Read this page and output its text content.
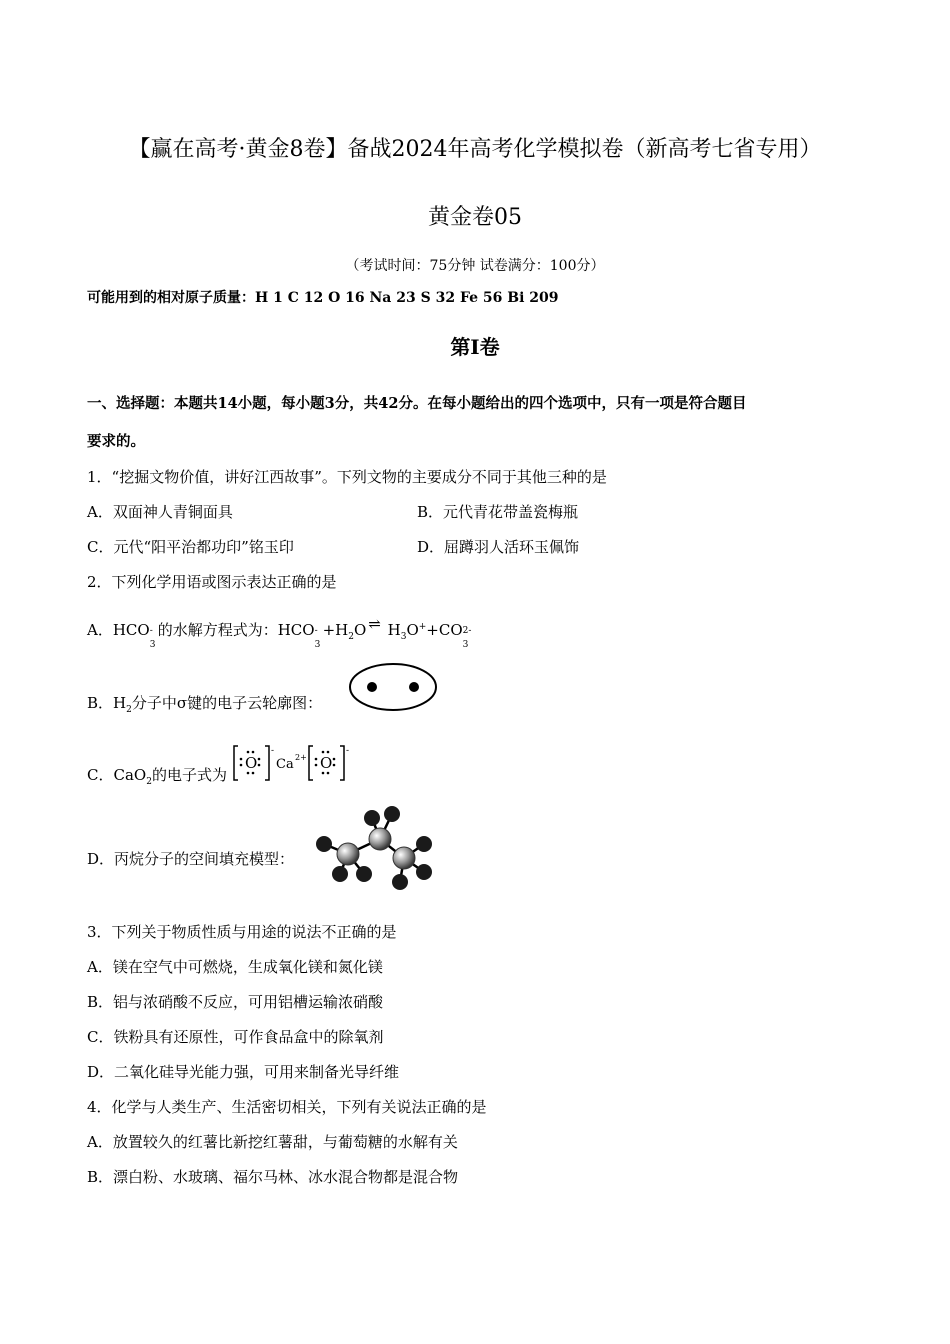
【赢在高考·黄金8卷】备战2024年高考化学模拟卷（新高考七省专用）
黄金卷05
（考试时间：75分钟 试卷满分：100分）
可能用到的相对原子质量：H 1 C 12 O 16 Na 23 S 32 Fe 56 Bi 209
第Ⅰ卷
一、选择题：本题共14小题，每小题3分，共42分。在每小题给出的四个选项中，只有一项是符合题目
要求的。
1．“挖掘文物价值，讲好江西故事”。下列文物的主要成分不同于其他三种的是
A．双面神人青铜面具	B．元代青花带盖瓷梅瓶
C．元代“阳平治都功印”铭玉印	D．屈蹲羽人活环玉佩饰
2．下列化学用语或图示表达正确的是
A．HCO -
3
的水解方程式为：HCO -
3
$+H_2O$ ⇌ $H_3O^++CO$ 2-
3
B．$H_2$分子中σ键的电子云轮廓图：
C．CaO$_2$的电子式为
O
-
Ca 2+ O
-
D．丙烷分子的空间填充模型：
3．下列关于物质性质与用途的说法不正确的是
A．镁在空气中可燃烧，生成氧化镁和氮化镁
B．铝与浓硝酸不反应，可用铝槽运输浓硝酸
C．铁粉具有还原性，可作食品盒中的除氧剂
D．二氧化硅导光能力强，可用来制备光导纤维
4．化学与人类生产、生活密切相关，下列有关说法正确的是
A．放置较久的红薯比新挖红薯甜，与葡萄糖的水解有关
B．漂白粉、水玻璃、福尔马林、冰水混合物都是混合物
